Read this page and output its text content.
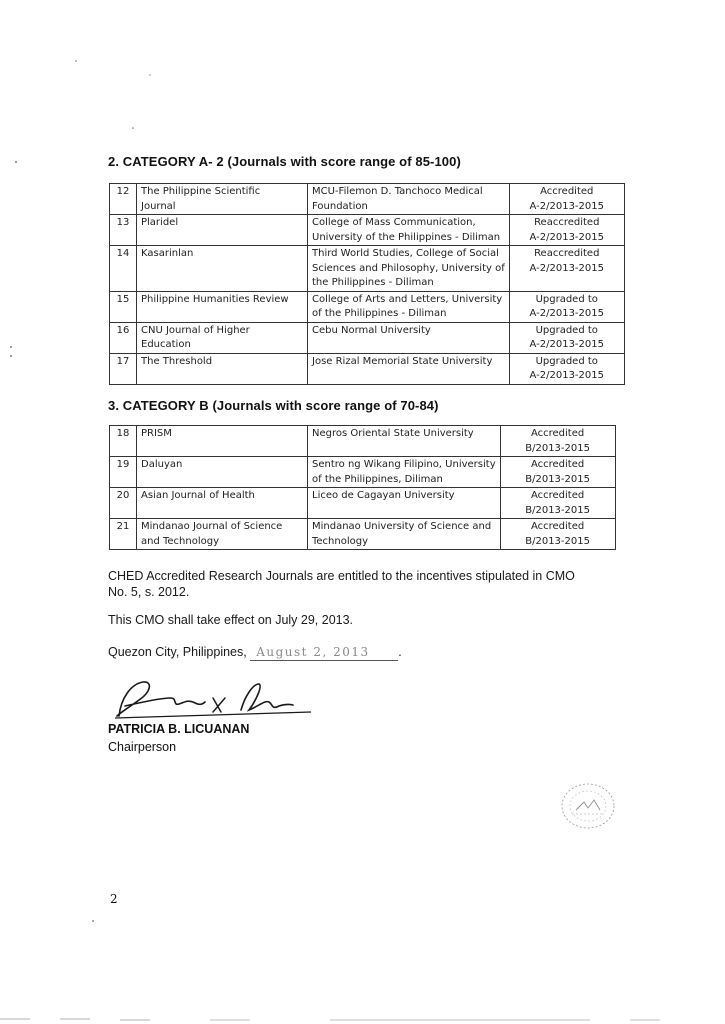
2. CATEGORY A- 2 (Journals with score range of 85-100)
12	The Philippine Scientific
Journal	MCU-Filemon D. Tanchoco Medical
Foundation	Accredited
A-2/2013-2015
13	Plaridel	College of Mass Communication,
University of the Philippines - Diliman	Reaccredited
A-2/2013-2015
14	Kasarinlan	Third World Studies, College of Social
Sciences and Philosophy, University of
the Philippines - Diliman	Reaccredited
A-2/2013-2015
15	Philippine Humanities Review	College of Arts and Letters, University
of the Philippines - Diliman	Upgraded to
A-2/2013-2015
16	CNU Journal of Higher
Education	Cebu Normal University	Upgraded to
A-2/2013-2015
17	The Threshold	Jose Rizal Memorial State University	Upgraded to
A-2/2013-2015
3. CATEGORY B (Journals with score range of 70-84)
18	PRISM	Negros Oriental State University	Accredited
B/2013-2015
19	Daluyan	Sentro ng Wikang Filipino, University
of the Philippines, Diliman	Accredited
B/2013-2015
20	Asian Journal of Health	Liceo de Cagayan University	Accredited
B/2013-2015
21	Mindanao Journal of Science
and Technology	Mindanao University of Science and
Technology	Accredited
B/2013-2015
CHED Accredited Research Journals are entitled to the incentives stipulated in CMO
No. 5, s. 2012.
This CMO shall take effect on July 29, 2013.
Quezon City, Philippines, August 2, 2013 .
PATRICIA B. LICUANAN
Chairperson
2
